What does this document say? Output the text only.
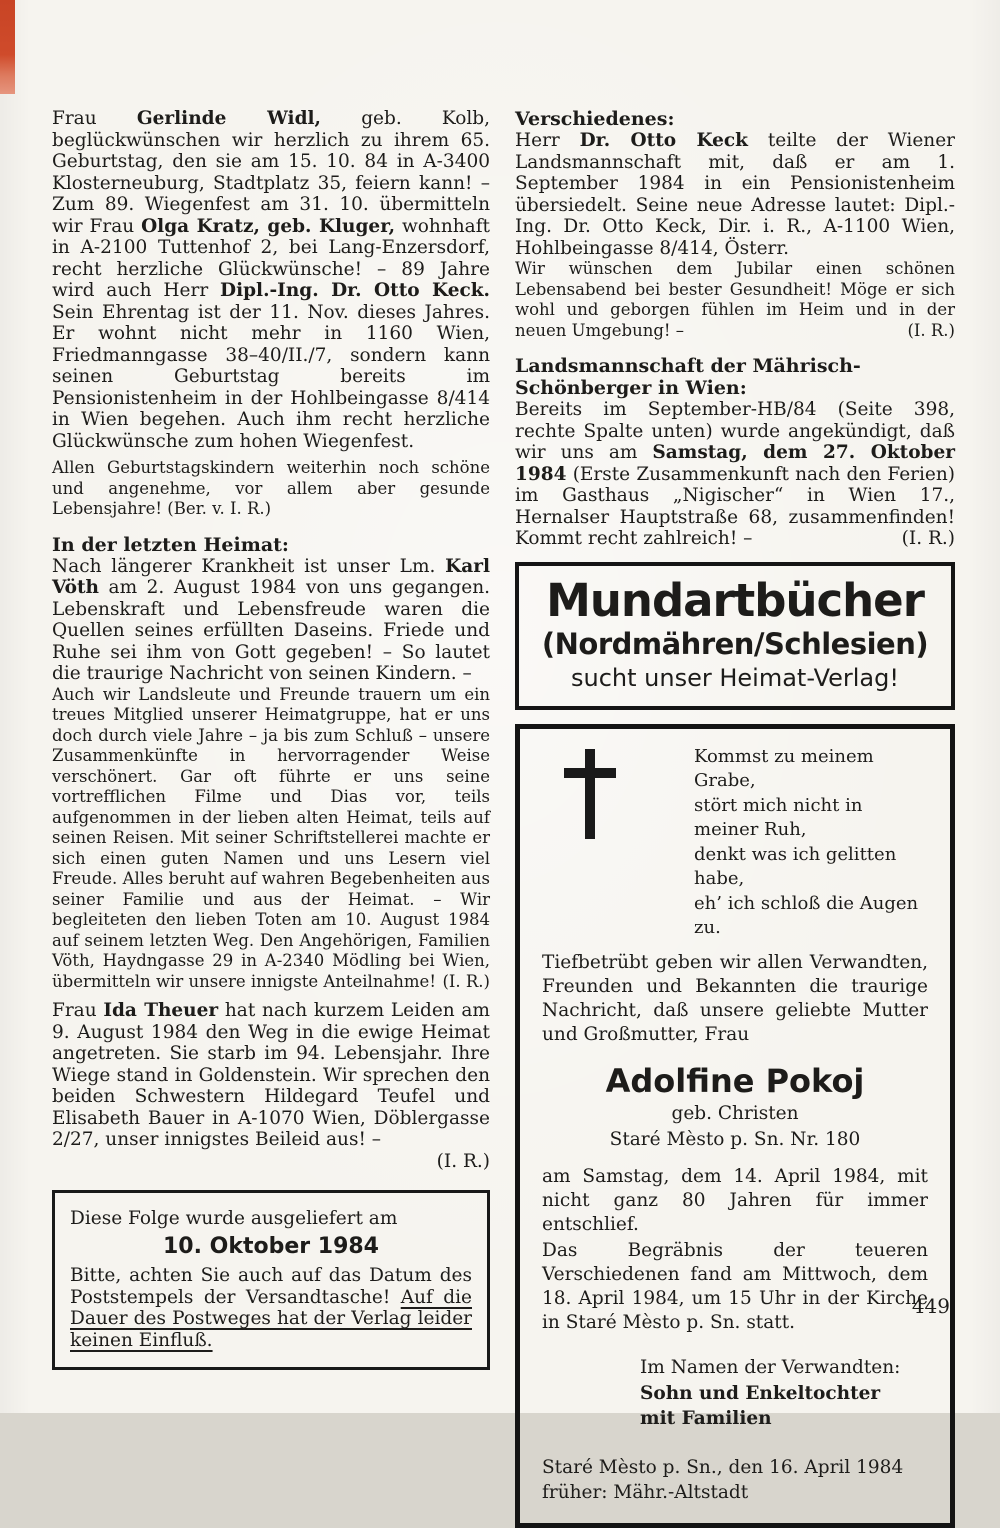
Frau Gerlinde Widl, geb. Kolb, beglückwünschen wir herzlich zu ihrem 65. Geburtstag, den sie am 15. 10. 84 in A-3400 Klosterneuburg, Stadtplatz 35, feiern kann! – Zum 89. Wiegenfest am 31. 10. übermitteln wir Frau Olga Kratz, geb. Kluger, wohnhaft in A-2100 Tuttenhof 2, bei Lang-Enzersdorf, recht herzliche Glückwünsche! – 89 Jahre wird auch Herr Dipl.-Ing. Dr. Otto Keck. Sein Ehrentag ist der 11. Nov. dieses Jahres. Er wohnt nicht mehr in 1160 Wien, Friedmanngasse 38–40/II./7, sondern kann seinen Geburtstag bereits im Pensionistenheim in der Hohlbeingasse 8/414 in Wien begehen. Auch ihm recht herzliche Glückwünsche zum hohen Wiegenfest.

Allen Geburtstagskindern weiterhin noch schöne und angenehme, vor allem aber gesunde Lebensjahre! (Ber. v. I. R.)

In der letzten Heimat:

Nach längerer Krankheit ist unser Lm. Karl Vöth am 2. August 1984 von uns gegangen. Lebenskraft und Lebensfreude waren die Quellen seines erfüllten Daseins. Friede und Ruhe sei ihm von Gott gegeben! – So lautet die traurige Nachricht von seinen Kindern. –

Auch wir Landsleute und Freunde trauern um ein treues Mitglied unserer Heimatgruppe, hat er uns doch durch viele Jahre – ja bis zum Schluß – unsere Zusammenkünfte in hervorragender Weise verschönert. Gar oft führte er uns seine vortrefflichen Filme und Dias vor, teils aufgenommen in der lieben alten Heimat, teils auf seinen Reisen. Mit seiner Schriftstellerei machte er sich einen guten Namen und uns Lesern viel Freude. Alles beruht auf wahren Begebenheiten aus seiner Familie und aus der Heimat. – Wir begleiteten den lieben Toten am 10. August 1984 auf seinem letzten Weg. Den Angehörigen, Familien Vöth, Haydngasse 29 in A-2340 Mödling bei Wien, übermitteln wir unsere innigste Anteilnahme! (I. R.)

Frau Ida Theuer hat nach kurzem Leiden am 9. August 1984 den Weg in die ewige Heimat angetreten. Sie starb im 94. Lebensjahr. Ihre Wiege stand in Goldenstein. Wir sprechen den beiden Schwestern Hildegard Teufel und Elisabeth Bauer in A-1070 Wien, Döblergasse 2/27, unser innigstes Beileid aus! –

(I. R.)
Diese Folge wurde ausgeliefert am
10. Oktober 1984

Bitte, achten Sie auch auf das Datum des Poststempels der Versandtasche! Auf die Dauer des Postweges hat der Verlag leider keinen Einfluß.

Verschiedenes:

Herr Dr. Otto Keck teilte der Wiener Landsmannschaft mit, daß er am 1. September 1984 in ein Pensionistenheim übersiedelt. Seine neue Adresse lautet: Dipl.-Ing. Dr. Otto Keck, Dir. i. R., A-1100 Wien, Hohlbeingasse 8/414, Österr.

Wir wünschen dem Jubilar einen schönen Lebensabend bei bester Gesundheit! Möge er sich wohl und geborgen fühlen im Heim und in der neuen Umgebung! –	(I. R.)
Landsmannschaft der Mährisch-Schönberger in Wien:

Bereits im September-HB/84 (Seite 398, rechte Spalte unten) wurde angekündigt, daß wir uns am Samstag, dem 27. Oktober 1984 (Erste Zusammenkunft nach den Ferien) im Gasthaus „Nigischer“ in Wien 17., Hernalser Hauptstraße 68, zusammenfinden! Kommt recht zahlreich! –	(I. R.)
Mundartbücher
(Nordmähren/Schlesien)
sucht unser Heimat-Verlag!
Kommst zu meinem Grabe,
stört mich nicht in meiner Ruh,
denkt was ich gelitten habe,
eh’ ich schloß die Augen zu.

Tiefbetrübt geben wir allen Verwandten, Freunden und Bekannten die traurige Nachricht, daß unsere geliebte Mutter und Großmutter, Frau

Adolfine Pokoj
geb. Christen
Staré Mèsto p. Sn. Nr. 180

am Samstag, dem 14. April 1984, mit nicht ganz 80 Jahren für immer entschlief.

Das Begräbnis der teueren Verschiedenen fand am Mittwoch, dem 18. April 1984, um 15 Uhr in der Kirche in Staré Mèsto p. Sn. statt.

Im Namen der Verwandten:
Sohn und Enkeltochter
mit Familien
Staré Mèsto p. Sn., den 16. April 1984
früher: Mähr.-Altstadt
449
